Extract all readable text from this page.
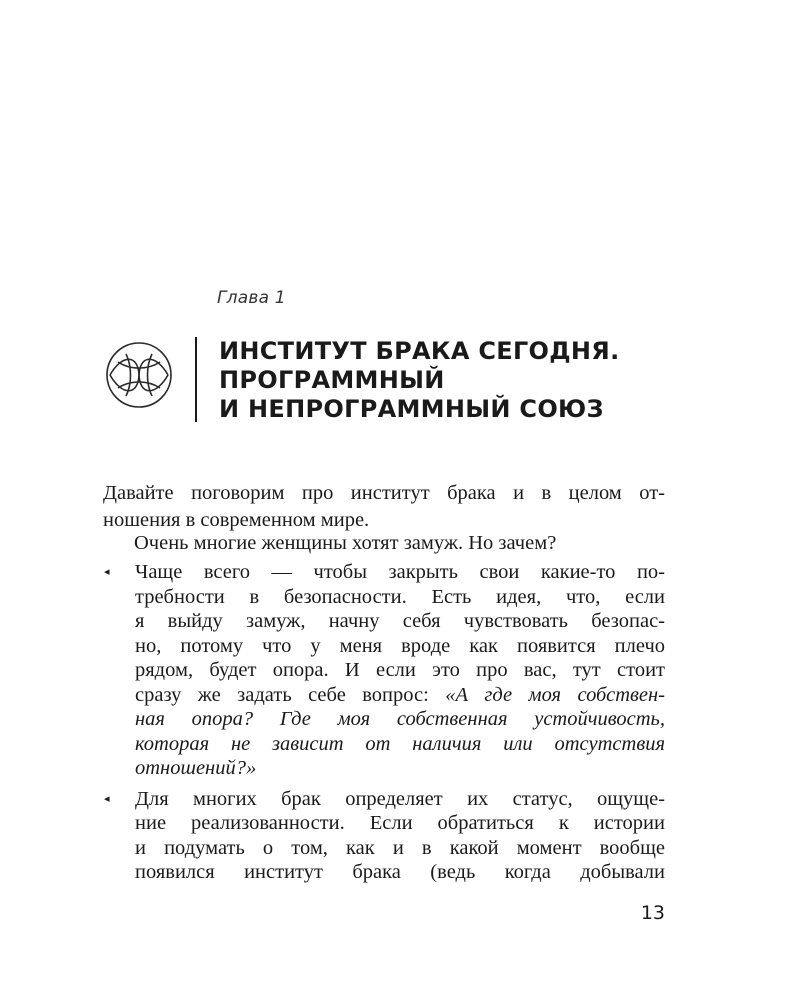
Глава 1
ИНСТИТУТ БРАКА СЕГОДНЯ.
ПРОГРАММНЫЙ
И НЕПРОГРАММНЫЙ СОЮЗ
Давайте поговорим про институт брака и в целом от-
ношения в современном мире.
Очень многие женщины хотят замуж. Но зачем?
◂ Чаще всего — чтобы закрыть свои какие-то по-
требности в безопасности. Есть идея, что, если
я выйду замуж, начну себя чувствовать безопас-
но, потому что у меня вроде как появится плечо
рядом, будет опора. И если это про вас, тут стоит
сразу же задать себе вопрос: «А где моя собствен-
ная опора? Где моя собственная устойчивость,
которая не зависит от наличия или отсутствия
отношений?»
◂ Для многих брак определяет их статус, ощуще-
ние реализованности. Если обратиться к истории
и подумать о том, как и в какой момент вообще
появился институт брака (ведь когда добывали
13
